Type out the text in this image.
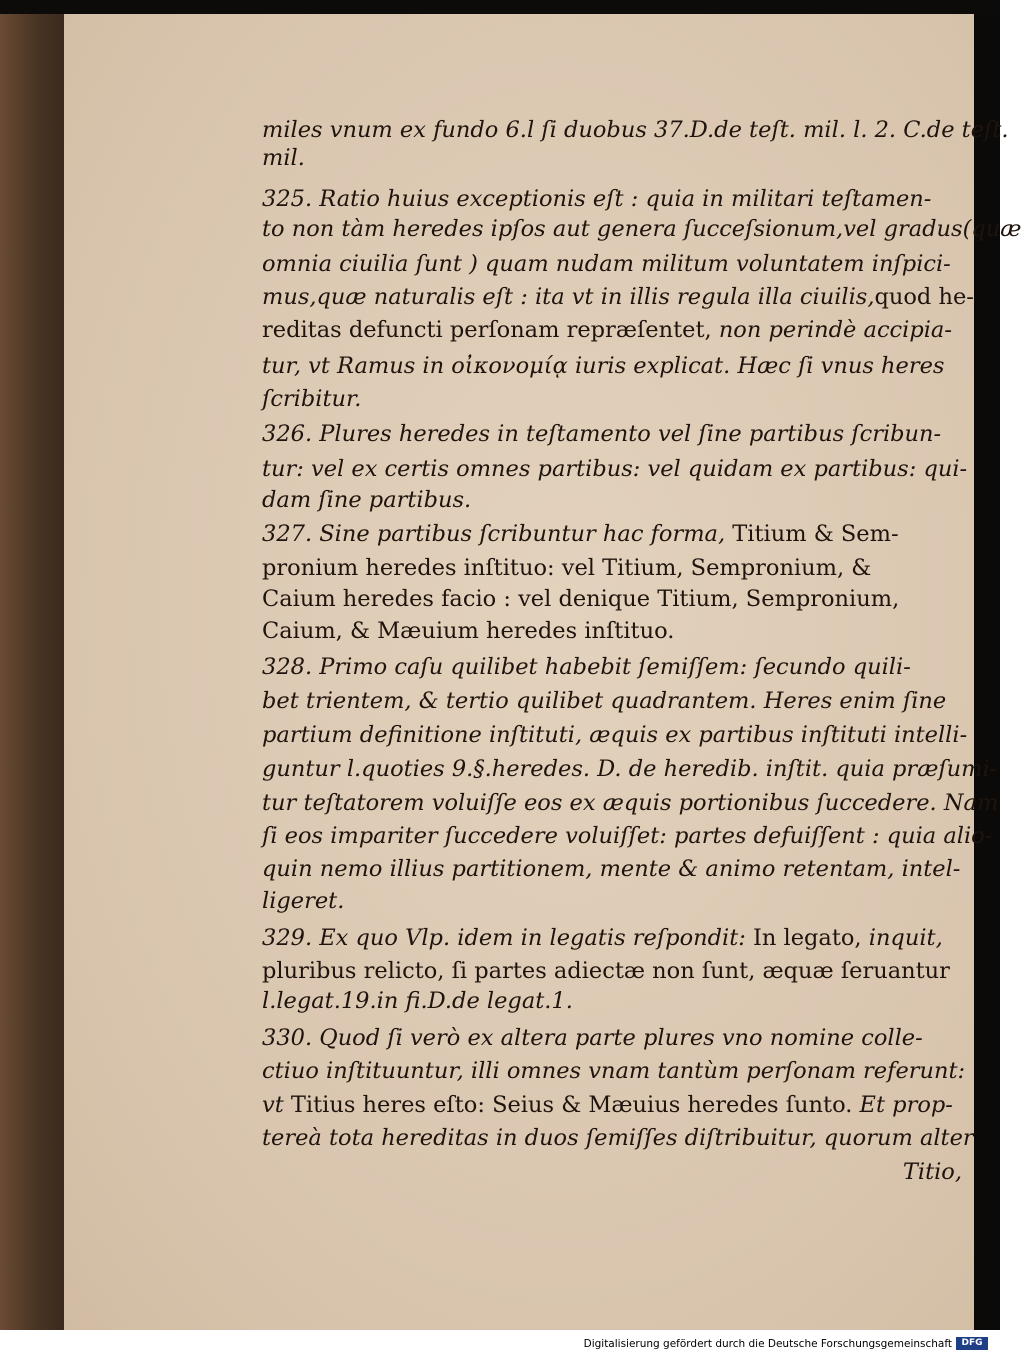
miles vnum ex fundo 6.l ſi duobus 37.D.de teſt. mil. l. 2. C.de teſt.
mil.
325. Ratio huius exceptionis eſt : quia in militari teſtamen-
to non tàm heredes ipſos aut genera ſucceſsionum,vel gradus(quæ
omnia ciuilia ſunt ) quam nudam militum voluntatem inſpici-
mus,quæ naturalis eſt : ita vt in illis regula illa ciuilis,quod he-
reditas defuncti perſonam repræſentet, non perindè accipia-
tur, vt Ramus in οἰκονομίᾳ iuris explicat. Hæc ſi vnus heres
ſcribitur.
326. Plures heredes in teſtamento vel ſine partibus ſcribun-
tur: vel ex certis omnes partibus: vel quidam ex partibus: qui-
dam ſine partibus.
327. Sine partibus ſcribuntur hac forma, Titium & Sem-
pronium heredes inſtituo: vel Titium, Sempronium, &
Caium heredes facio : vel denique Titium, Sempronium,
Caium, & Mæuium heredes inſtituo.
328. Primo caſu quilibet habebit ſemiſſem: ſecundo quili-
bet trientem, & tertio quilibet quadrantem. Heres enim ſine
partium definitione inſtituti, æquis ex partibus inſtituti intelli-
guntur l.quoties 9.§.heredes. D. de heredib. inſtit. quia præſumi-
tur teſtatorem voluiſſe eos ex æquis portionibus ſuccedere. Nam
ſi eos impariter ſuccedere voluiſſet: partes defuiſſent : quia alio-
quin nemo illius partitionem, mente & animo retentam, intel-
ligeret.
329. Ex quo Vlp. idem in legatis reſpondit: In legato, inquit,
pluribus relicto, ſi partes adiectæ non ſunt, æquæ ſeruantur
l.legat.19.in fi.D.de legat.1.
330. Quod ſi verò ex altera parte plures vno nomine colle-
ctiuo inſtituuntur, illi omnes vnam tantùm perſonam referunt:
vt Titius heres eſto: Seius & Mæuius heredes ſunto. Et prop-
tereà tota hereditas in duos ſemiſſes diſtribuitur, quorum alter
Titio,
Digitalisierung gefördert durch die Deutsche Forschungsgemeinschaft	DFG
